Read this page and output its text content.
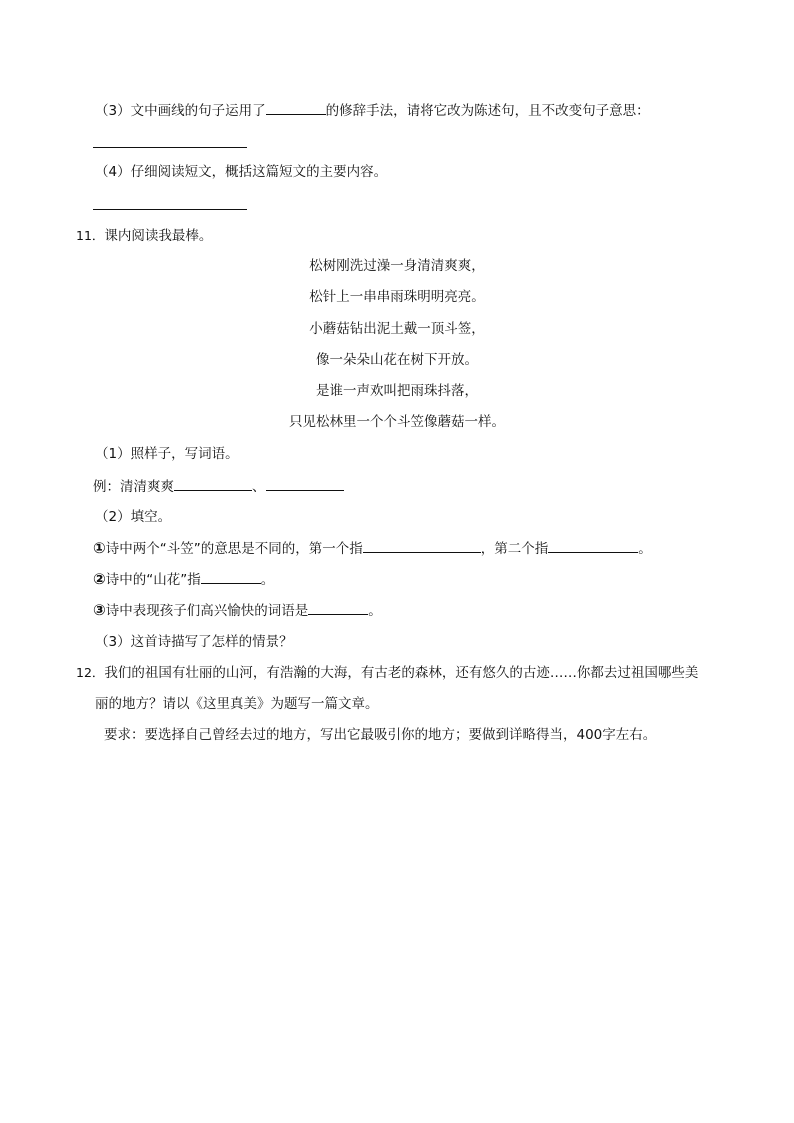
（3）文中画线的句子运用了	的修辞手法，请将它改为陈述句，且不改变句子意思：
（4）仔细阅读短文，概括这篇短文的主要内容。
11．课内阅读我最棒。
松树刚洗过澡一身清清爽爽，
松针上一串串雨珠明明亮亮。
小蘑菇钻出泥土戴一顶斗签，
像一朵朵山花在树下开放。
是谁一声欢叫把雨珠抖落，
只见松林里一个个斗笠像蘑菇一样。
（1）照样子，写词语。
例：清清爽爽	、
（2）填空。
①诗中两个“斗笠”的意思是不同的，第一个指	，第二个指	。
②诗中的“山花”指	。
③诗中表现孩子们高兴愉快的词语是	。
（3）这首诗描写了怎样的情景？
12．我们的祖国有壮丽的山河，有浩瀚的大海，有古老的森林，还有悠久的古迹……你都去过祖国哪些美
丽的地方？请以《这里真美》为题写一篇文章。
要求：要选择自己曾经去过的地方，写出它最吸引你的地方；要做到详略得当，400字左右。
